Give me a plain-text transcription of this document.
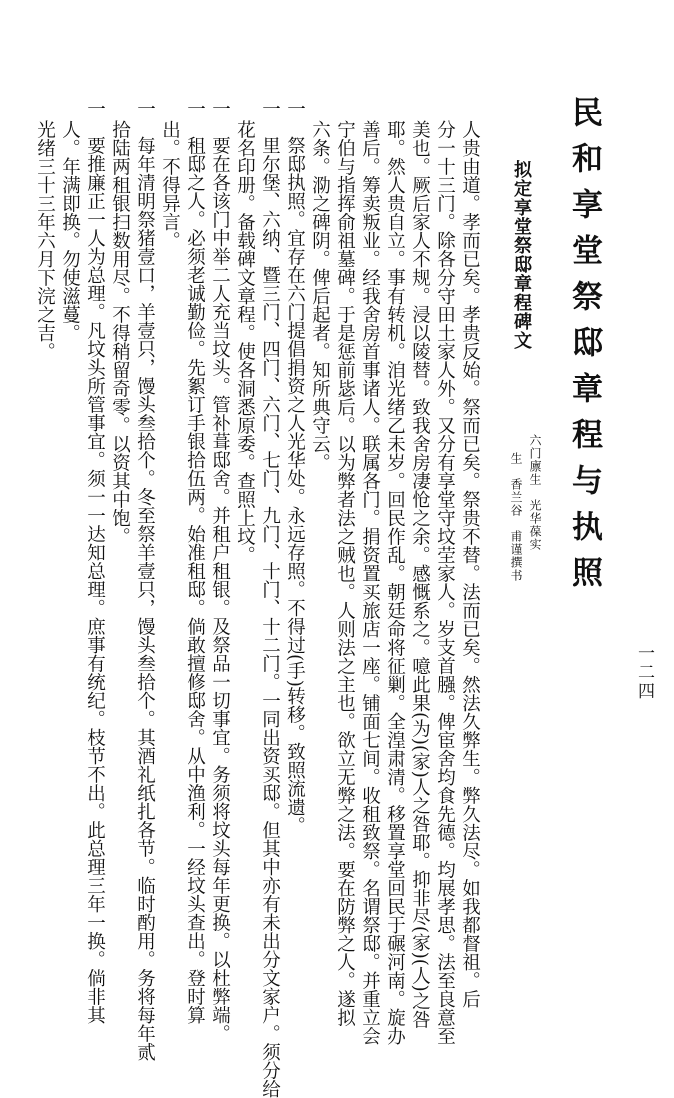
民和享堂祭邸章程与执照
一二四
拟定享堂祭邸章程碑文
六门廪生　光华葆实
生　香兰谷　甫谨撰书
人贵由道。孝而已矣。孝贵反始。祭而已矣。祭贵不替。法而已矣。然法久弊生。弊久法尽。如我都督祖。后
分一十三门。除各分守田土家人外。又分有享堂守坟茔家人。岁支首膙。俾宦舍均食先德。均展孝思。法至良意至
美也。厥后家人不规。浸以陵替。致我舍房凄怆之余。感慨系之。噫此果(为)(家)人之咎耶。抑非尽(家)(人)之咎
耶。然人贵自立。事有转机。洎光绪乙未岁。回民作乱。朝廷命将征剿。全湟肃清。移置享堂回民于碾河南。旋办
善后。筹卖叛业。经我舍房首事诸人。联属各门。捐资置买旅店一座。铺面七间。收租致祭。名谓祭邸。并重立会
宁伯与指挥俞祖墓碑。于是惩前毖后。以为弊者法之贼也。人则法之主也。欲立无弊之法。要在防弊之人。遂拟
六条。泐之碑阴。俾后起者。知所典守云。
一　祭邸执照。宜存在六门提倡捐资之人光华处。永远存照。不得过(手)转移。致照流遗。
一　里尔堡、六纳、暨三门、四门、六门、七门、九门、十门、十二门。一同出资买邸。但其中亦有未出分文家户。须分给
花名印册。备载碑文章程。使各洞悉原委。查照上坟。
一　要在各该门中举二人充当坟头。管补葺邸舍。并租户租银。及祭品一切事宜。务须将坟头每年更换。以杜弊端。
一　租邸之人。必须老诚勤俭。先絮订手银拾伍两。始准租邸。倘敢擅修邸舍。从中渔利。一经坟头查出。登时算
出。不得异言。
一　每年清明祭猪壹口，羊壹只，馒头叁拾个。冬至祭羊壹只，馒头叁拾个。其酒礼纸扎各节。临时酌用。务将每年贰
拾陆两租银扫数用尽。不得稍留奇零。以资其中饱。
一　要推廉正一人为总理。凡坟头所管事宜。须一一达知总理。庶事有统纪。枝节不出。此总理三年一换。倘非其
人。年满即换。勿使滋蔓。
光绪三十三年六月下浣之吉。
